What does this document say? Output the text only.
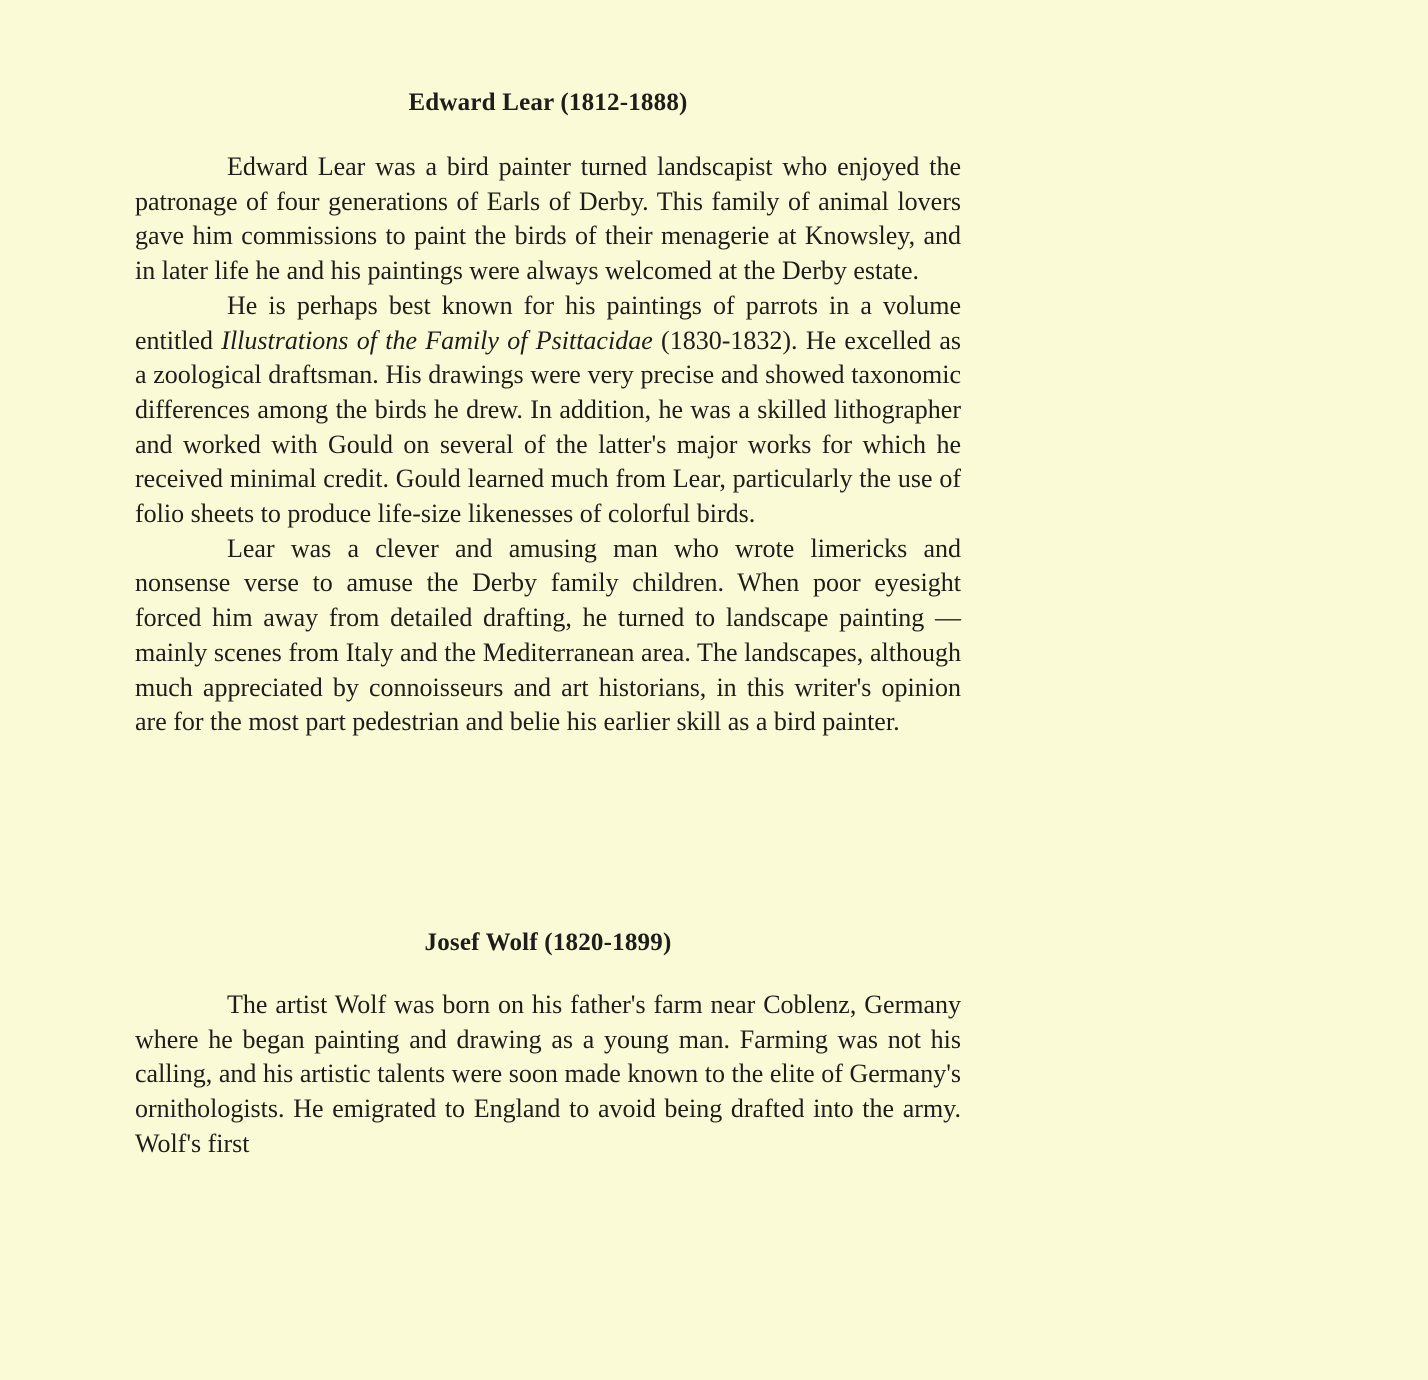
Edward Lear (1812-1888)

Edward Lear was a bird painter turned landscapist who enjoyed the patronage of four generations of Earls of Derby. This family of animal lovers gave him commissions to paint the birds of their menagerie at Knowsley, and in later life he and his paintings were always welcomed at the Derby estate.

He is perhaps best known for his paintings of parrots in a volume entitled Illustrations of the Family of Psittacidae (1830-1832). He excelled as a zoological draftsman. His drawings were very precise and showed taxonomic differences among the birds he drew. In addition, he was a skilled lithographer and worked with Gould on several of the latter's major works for which he received minimal credit. Gould learned much from Lear, particularly the use of folio sheets to produce life-size likenesses of colorful birds.

Lear was a clever and amusing man who wrote limericks and nonsense verse to amuse the Derby family children. When poor eyesight forced him away from detailed drafting, he turned to landscape painting — mainly scenes from Italy and the Mediterranean area. The landscapes, although much appreciated by connoisseurs and art historians, in this writer's opinion are for the most part pedestrian and belie his earlier skill as a bird painter.

Josef Wolf (1820-1899)

The artist Wolf was born on his father's farm near Coblenz, Germany where he began painting and drawing as a young man. Farming was not his calling, and his artistic talents were soon made known to the elite of Germany's ornithologists. He emigrated to England to avoid being drafted into the army. Wolf's first
